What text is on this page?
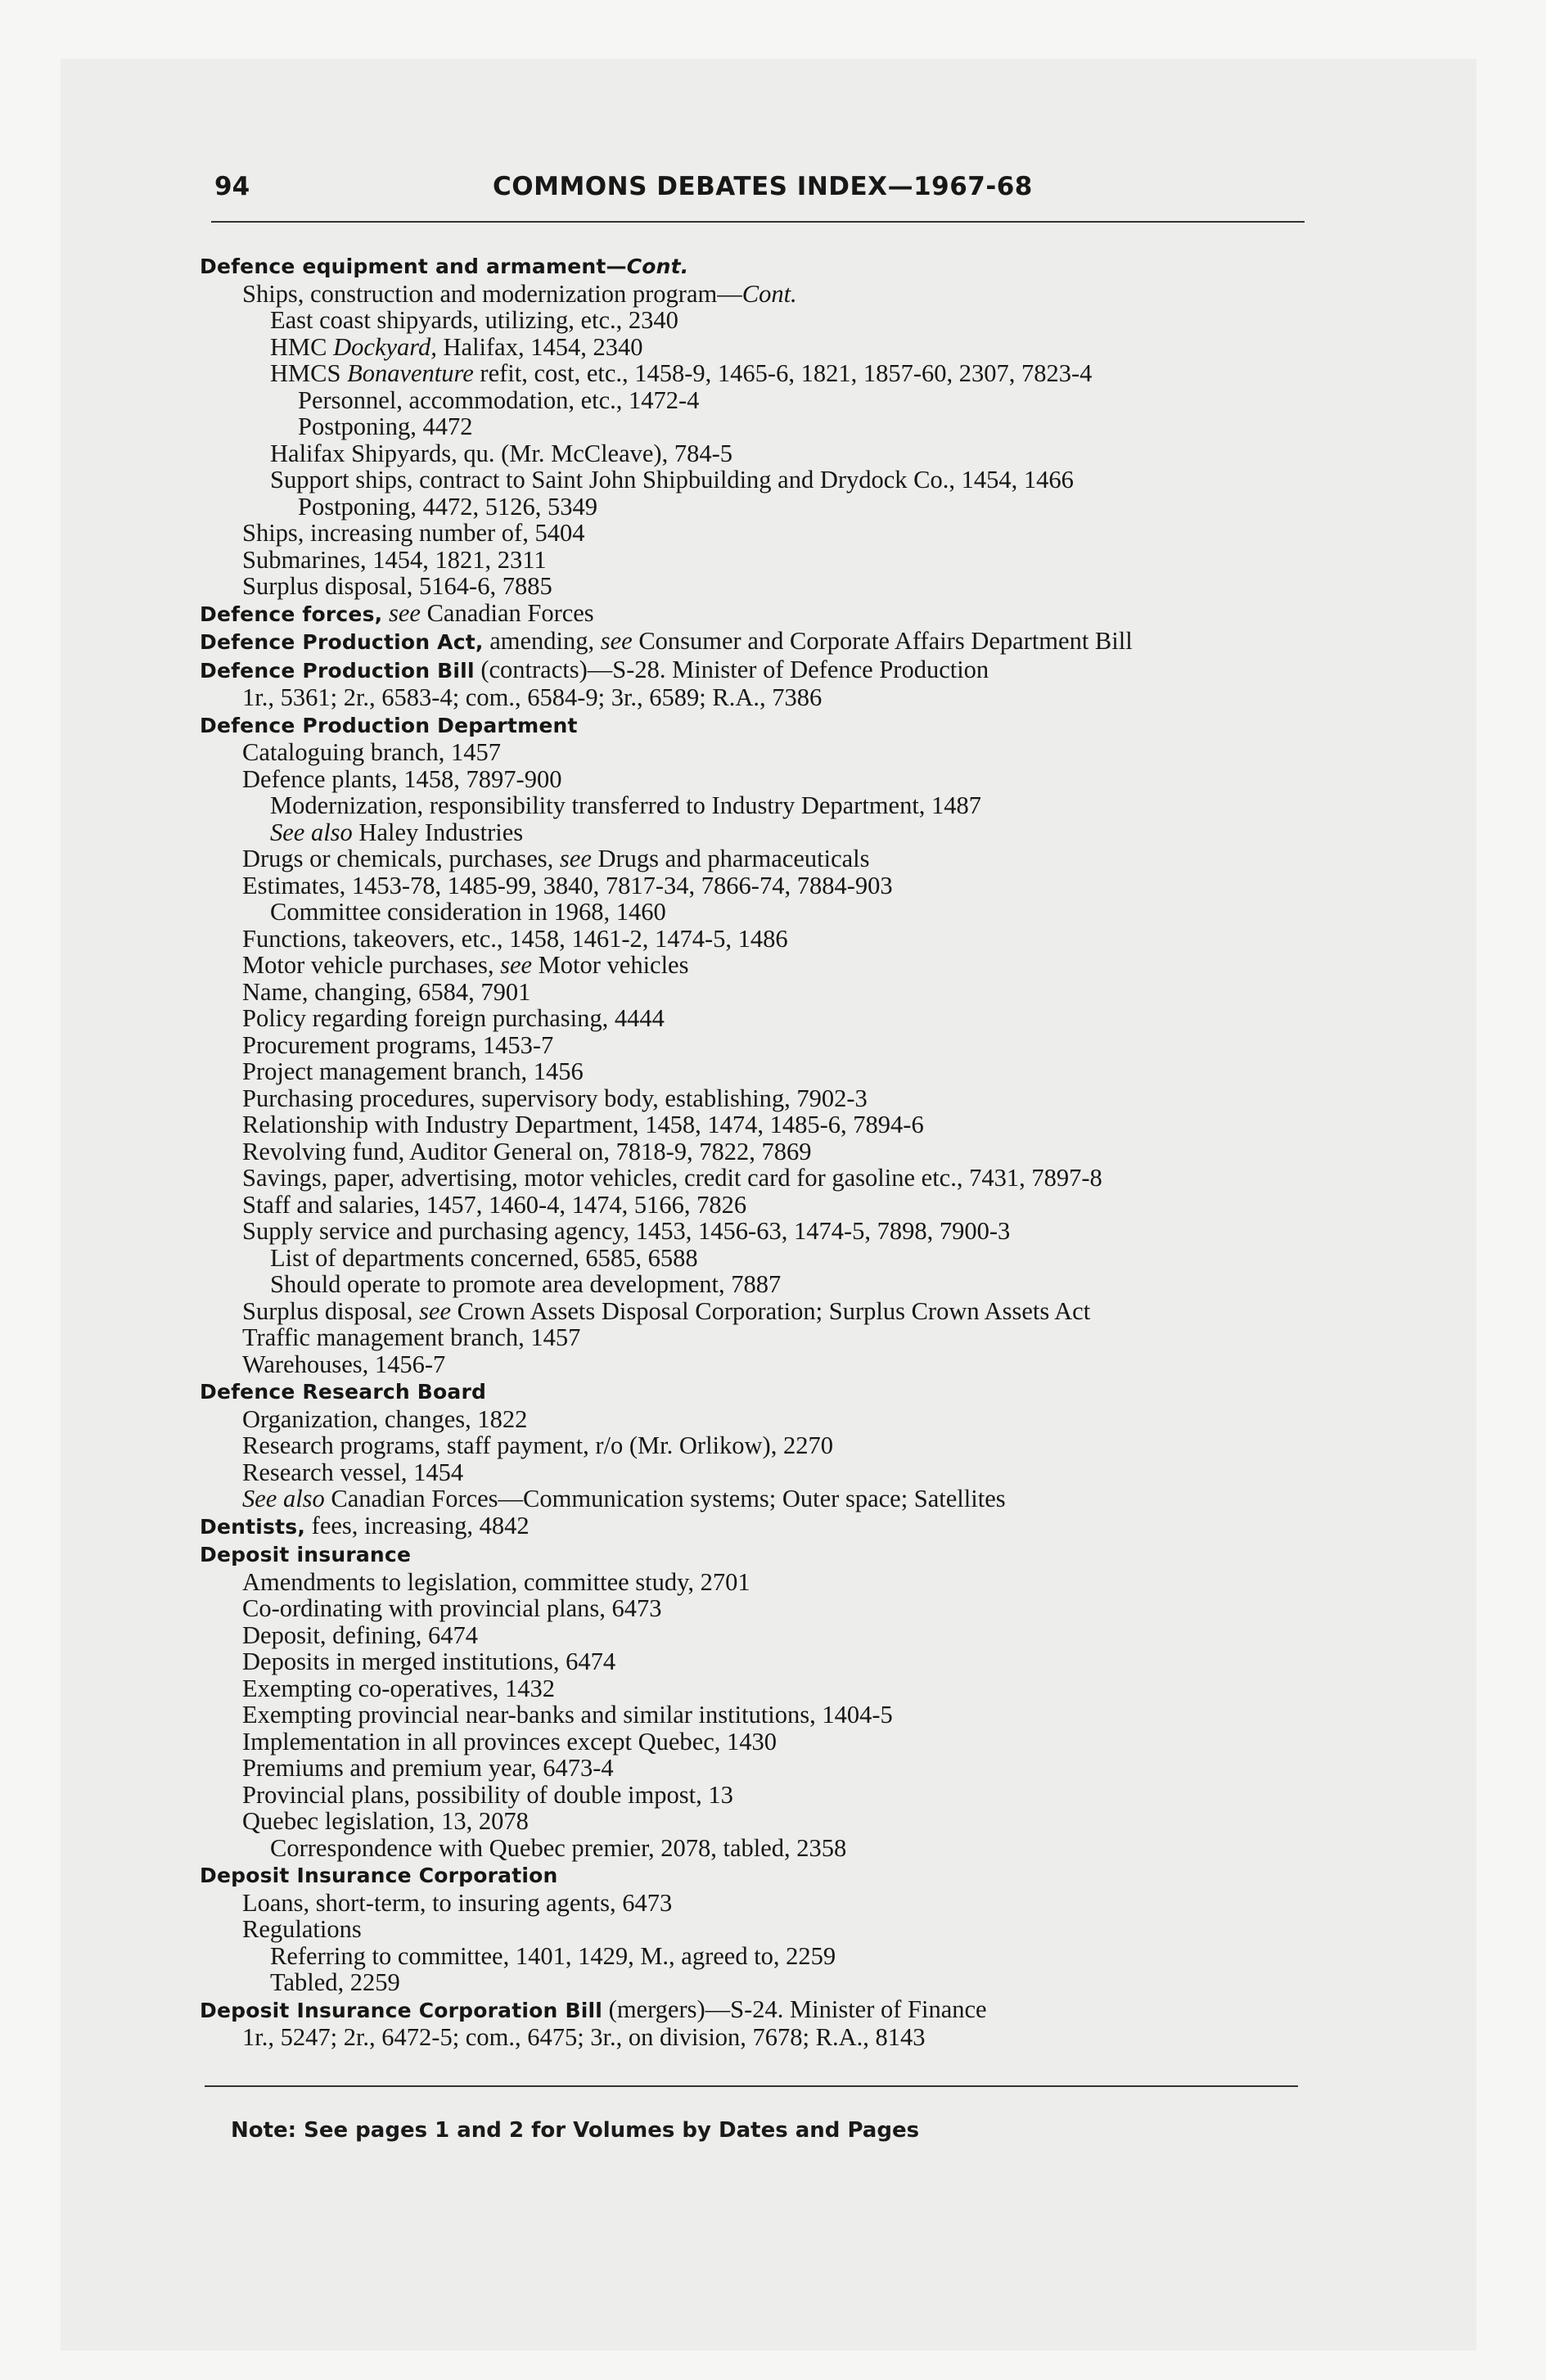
94	COMMONS DEBATES INDEX—1967-68
Defence equipment and armament—Cont.
Ships, construction and modernization program—Cont.
East coast shipyards, utilizing, etc., 2340
HMC Dockyard, Halifax, 1454, 2340
HMCS Bonaventure refit, cost, etc., 1458-9, 1465-6, 1821, 1857-60, 2307, 7823-4
Personnel, accommodation, etc., 1472-4
Postponing, 4472
Halifax Shipyards, qu. (Mr. McCleave), 784-5
Support ships, contract to Saint John Shipbuilding and Drydock Co., 1454, 1466
Postponing, 4472, 5126, 5349
Ships, increasing number of, 5404
Submarines, 1454, 1821, 2311
Surplus disposal, 5164-6, 7885
Defence forces, see Canadian Forces
Defence Production Act, amending, see Consumer and Corporate Affairs Department Bill
Defence Production Bill (contracts)—S-28. Minister of Defence Production
1r., 5361; 2r., 6583-4; com., 6584-9; 3r., 6589; R.A., 7386
Defence Production Department
Cataloguing branch, 1457
Defence plants, 1458, 7897-900
Modernization, responsibility transferred to Industry Department, 1487
See also Haley Industries
Drugs or chemicals, purchases, see Drugs and pharmaceuticals
Estimates, 1453-78, 1485-99, 3840, 7817-34, 7866-74, 7884-903
Committee consideration in 1968, 1460
Functions, takeovers, etc., 1458, 1461-2, 1474-5, 1486
Motor vehicle purchases, see Motor vehicles
Name, changing, 6584, 7901
Policy regarding foreign purchasing, 4444
Procurement programs, 1453-7
Project management branch, 1456
Purchasing procedures, supervisory body, establishing, 7902-3
Relationship with Industry Department, 1458, 1474, 1485-6, 7894-6
Revolving fund, Auditor General on, 7818-9, 7822, 7869
Savings, paper, advertising, motor vehicles, credit card for gasoline etc., 7431, 7897-8
Staff and salaries, 1457, 1460-4, 1474, 5166, 7826
Supply service and purchasing agency, 1453, 1456-63, 1474-5, 7898, 7900-3
List of departments concerned, 6585, 6588
Should operate to promote area development, 7887
Surplus disposal, see Crown Assets Disposal Corporation; Surplus Crown Assets Act
Traffic management branch, 1457
Warehouses, 1456-7
Defence Research Board
Organization, changes, 1822
Research programs, staff payment, r/o (Mr. Orlikow), 2270
Research vessel, 1454
See also Canadian Forces—Communication systems; Outer space; Satellites
Dentists, fees, increasing, 4842
Deposit insurance
Amendments to legislation, committee study, 2701
Co-ordinating with provincial plans, 6473
Deposit, defining, 6474
Deposits in merged institutions, 6474
Exempting co-operatives, 1432
Exempting provincial near-banks and similar institutions, 1404-5
Implementation in all provinces except Quebec, 1430
Premiums and premium year, 6473-4
Provincial plans, possibility of double impost, 13
Quebec legislation, 13, 2078
Correspondence with Quebec premier, 2078, tabled, 2358
Deposit Insurance Corporation
Loans, short-term, to insuring agents, 6473
Regulations
Referring to committee, 1401, 1429, M., agreed to, 2259
Tabled, 2259
Deposit Insurance Corporation Bill (mergers)—S-24. Minister of Finance
1r., 5247; 2r., 6472-5; com., 6475; 3r., on division, 7678; R.A., 8143
Note: See pages 1 and 2 for Volumes by Dates and Pages
